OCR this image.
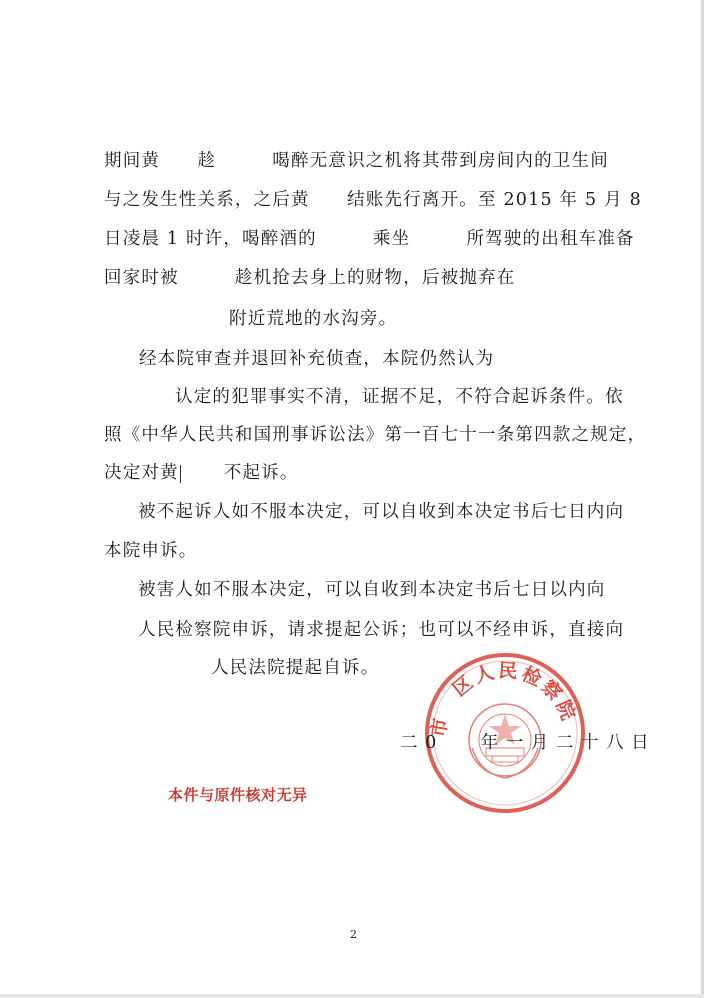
期间黄　　趁　　　喝醉无意识之机将其带到房间内的卫生间
与之发生性关系，之后黄　　结账先行离开。至 2015 年 5 月 8
日凌晨 1 时许，喝醉酒的　　　乘坐　　　所驾驶的出租车准备
回家时被　　　趁机抢去身上的财物，后被抛弃在
附近荒地的水沟旁。
经本院审查并退回补充侦查，本院仍然认为
认定的犯罪事实不清，证据不足，不符合起诉条件。依
照《中华人民共和国刑事诉讼法》第一百七十一条第四款之规定，
决定对黄	不起诉。
被不起诉人如不服本决定，可以自收到本决定书后七日内向
本院申诉。
被害人如不服本决定，可以自收到本决定书后七日以内向
人民检察院申诉，请求提起公诉；也可以不经申诉，直接向
人民法院提起自诉。
市　区人民检察院
二 0　　 年 一 月 二 十 八 日
本件与原件核对无异
2
